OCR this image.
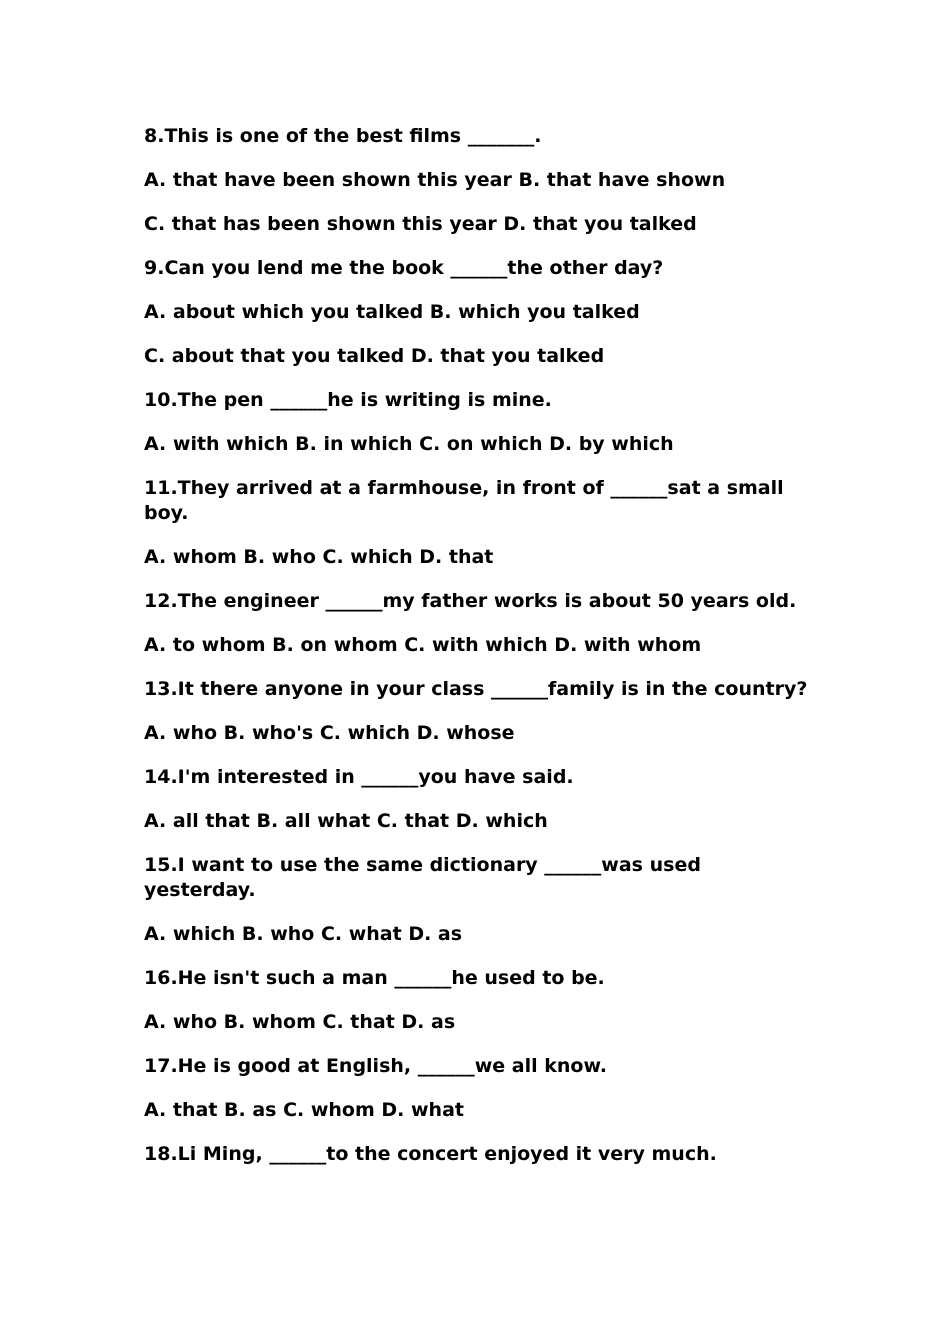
8.This is one of the best films _______.

A. that have been shown this year B. that have shown

C. that has been shown this year D. that you talked

9.Can you lend me the book ______the other day?

A. about which you talked B. which you talked

C. about that you talked D. that you talked

10.The pen ______he is writing is mine.

A. with which B. in which C. on which D. by which

11.They arrived at a farmhouse, in front of ______sat a small boy.

A. whom B. who C. which D. that

12.The engineer ______my father works is about 50 years old.

A. to whom B. on whom C. with which D. with whom

13.It there anyone in your class ______family is in the country?

A. who B. who's C. which D. whose

14.I'm interested in ______you have said.

A. all that B. all what C. that D. which

15.I want to use the same dictionary ______was used yesterday.

A. which B. who C. what D. as

16.He isn't such a man ______he used to be.

A. who B. whom C. that D. as

17.He is good at English, ______we all know.

A. that B. as C. whom D. what

18.Li Ming, ______to the concert enjoyed it very much.
